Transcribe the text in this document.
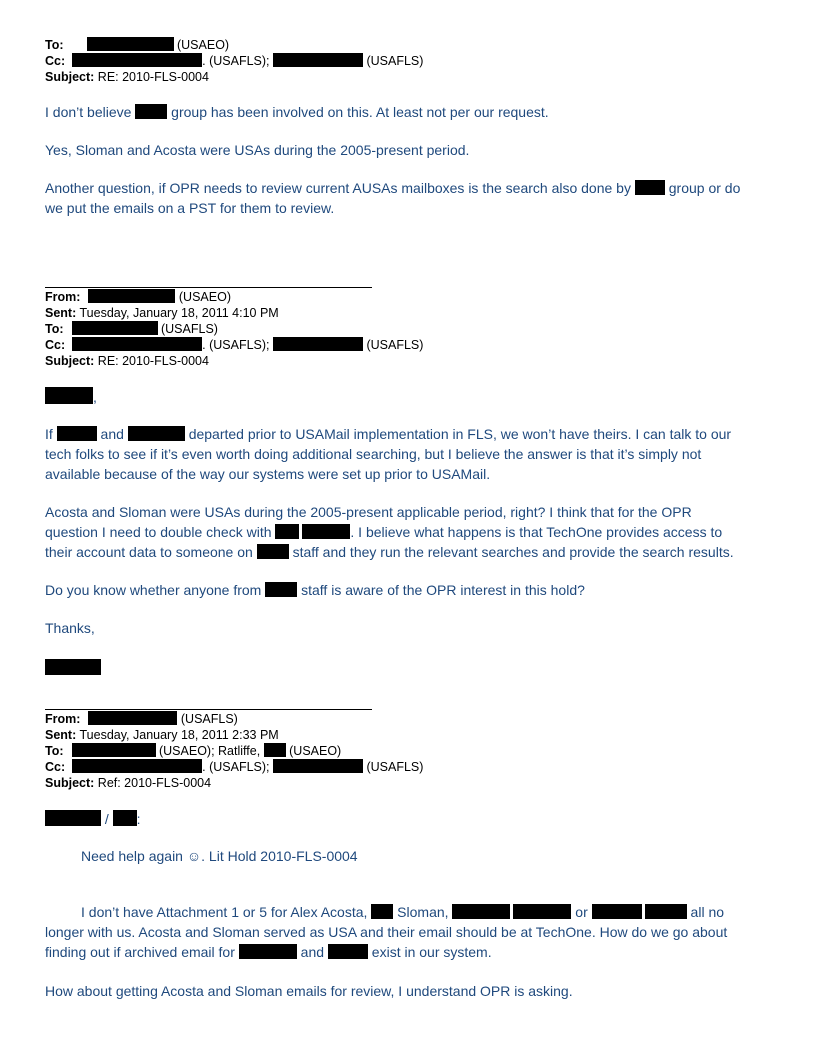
To:	(USAEO)
Cc:	. (USAFLS);	(USAFLS)
Subject: RE: 2010-FLS-0004
I don’t believe  group has been involved on this. At least not per our request.
Yes, Sloman and Acosta were USAs during the 2005-present period.
Another question, if OPR needs to review current AUSAs mailboxes is the search also done by  group or do
we put the emails on a PST for them to review.
From:	(USAEO)
Sent: Tuesday, January 18, 2011 4:10 PM
To:	(USAFLS)
Cc:	. (USAFLS);	(USAFLS)
Subject: RE: 2010-FLS-0004
,
If	and	departed prior to USAMail implementation in FLS, we won’t have theirs. I can talk to our
tech folks to see if it’s even worth doing additional searching, but I believe the answer is that it’s simply not
available because of the way our systems were set up prior to USAMail.
Acosta and Sloman were USAs during the 2005-present applicable period, right? I think that for the OPR
question I need to double check with	. I believe what happens is that TechOne provides access to
their account data to someone on  staff and they run the relevant searches and provide the search results.
Do you know whether anyone from  staff is aware of the OPR interest in this hold?
Thanks,
From:	(USAFLS)
Sent: Tuesday, January 18, 2011 2:33 PM
To:	(USAEO); Ratliffe,  (USAEO)
Cc:	. (USAFLS);	(USAFLS)
Subject: Ref: 2010-FLS-0004
/ :
Need help again ☺. Lit Hold 2010-FLS-0004
I don’t have Attachment 1 or 5 for Alex Acosta,  Sloman,	or	all no
longer with us. Acosta and Sloman served as USA and their email should be at TechOne. How do we go about
finding out if archived email for	and	exist in our system.
How about getting Acosta and Sloman emails for review, I understand OPR is asking.
